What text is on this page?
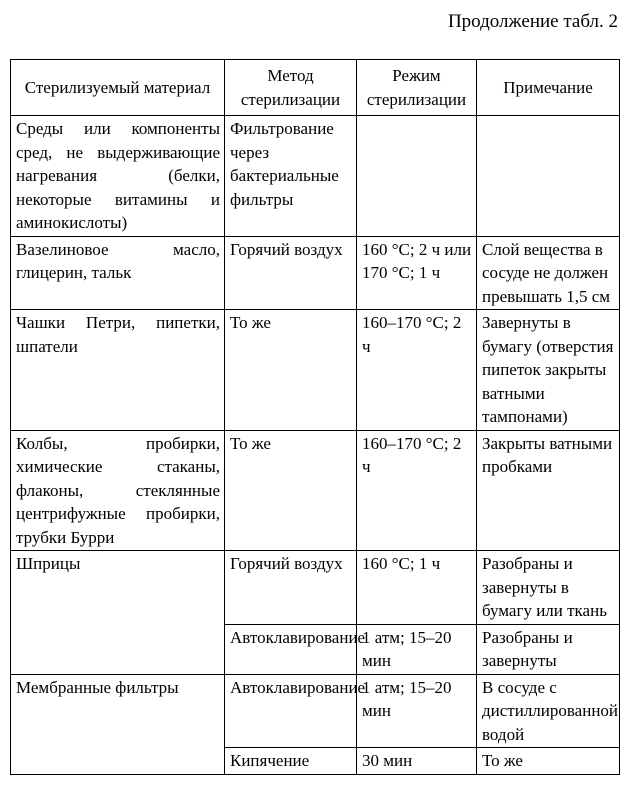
Продолжение табл. 2
Стерилизуемый материал	Метод стерилизации	Режим стерилизации	Примечание
Среды или компоненты сред, не выдерживающие нагревания (белки, некоторые витамины и аминокислоты)	Фильтрование через бактериальные фильтры		
Вазелиновое масло, глицерин, тальк	Горячий воздух	160 °С; 2 ч или 170 °С; 1 ч	Слой вещества в сосуде не должен превышать 1,5 см
Чашки Петри, пипетки, шпатели	То же	160–170 °С; 2 ч	Завернуты в бумагу (отверстия пипеток закрыты ватными тампонами)
Колбы, пробирки, химические стаканы, флаконы, стеклянные центрифужные пробирки, трубки Бурри	То же	160–170 °С; 2 ч	Закрыты ватными пробками
Шприцы	Горячий воздух	160 °С; 1 ч	Разобраны и завернуты в бумагу или ткань
	Автоклавирование	1 атм; 15–20 мин	Разобраны и завернуты
Мембранные фильтры	Автоклавирование	1 атм; 15–20 мин	В сосуде с дистиллированной водой
	Кипячение	30 мин	То же
